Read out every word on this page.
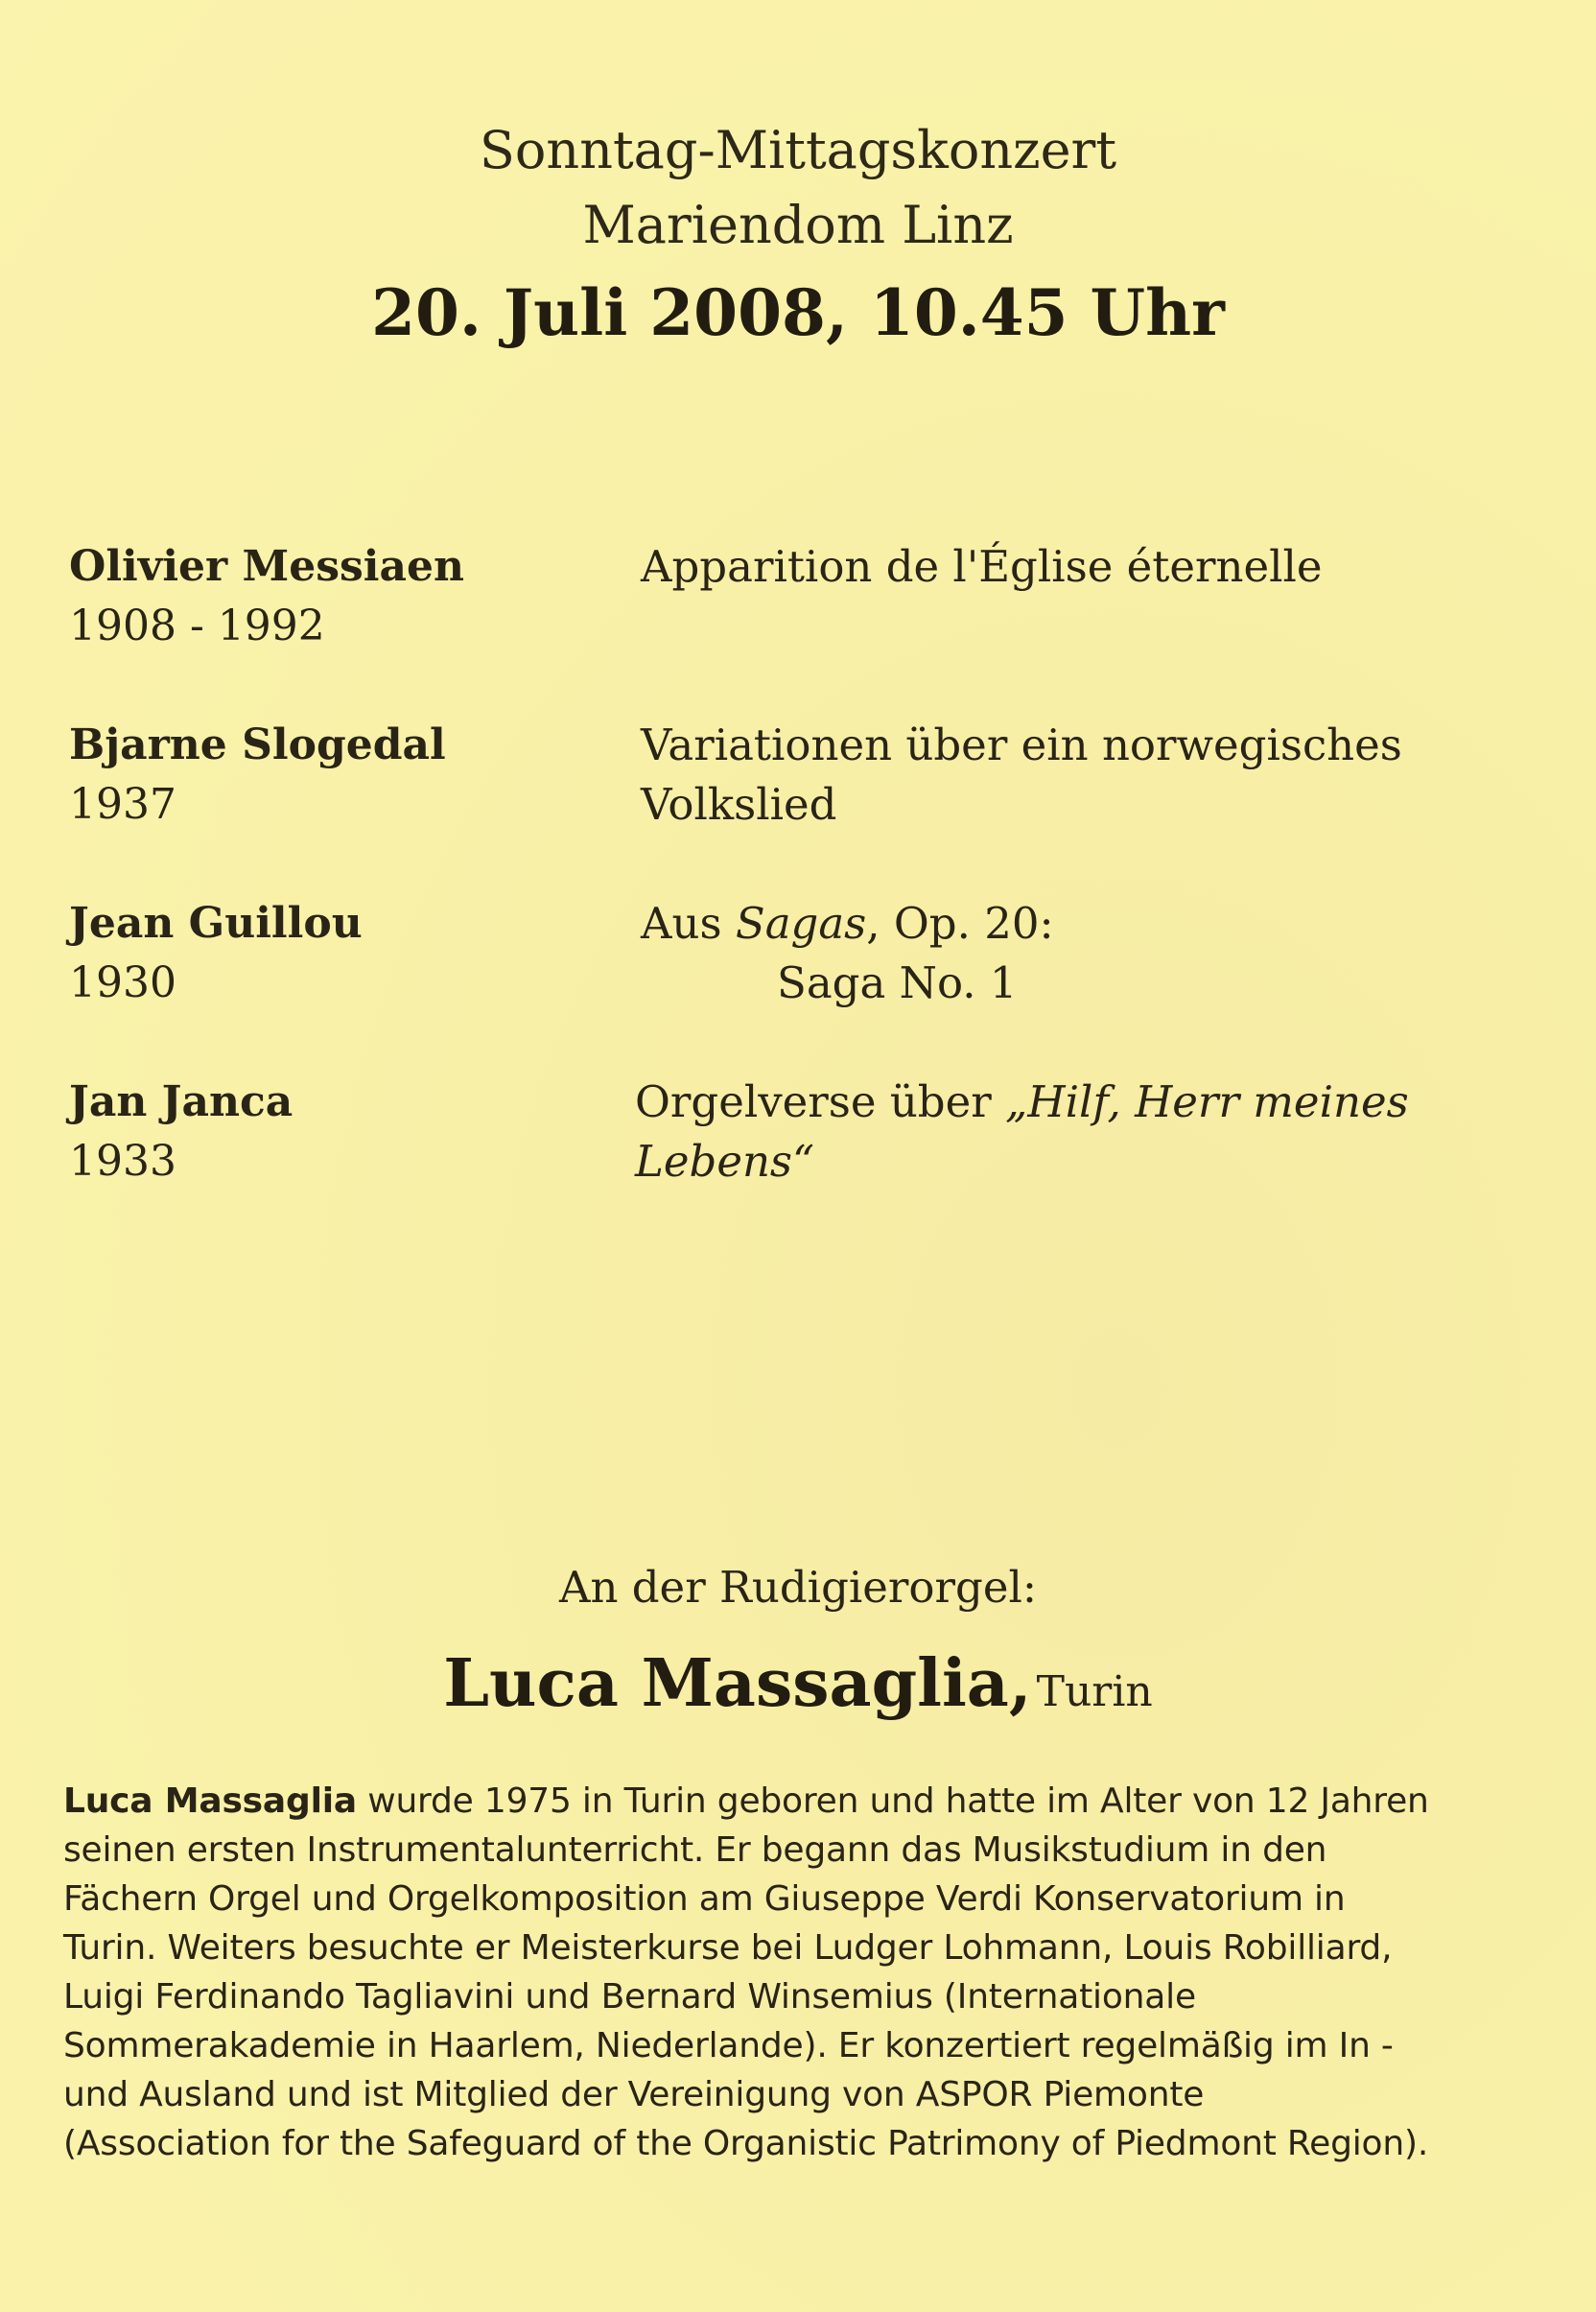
Sonntag-Mittagskonzert
Mariendom Linz
20. Juli 2008, 10.45 Uhr
Olivier Messiaen
1908 - 1992
Apparition de l'Église éternelle
Bjarne Slogedal
1937
Variationen über ein norwegisches
Volkslied
Jean Guillou
1930
Aus Sagas, Op. 20:
Saga No. 1
Jan Janca
1933
Orgelverse über „Hilf, Herr meines Lebens“
An der Rudigierorgel:
Luca Massaglia, Turin
Luca Massaglia wurde 1975 in Turin geboren und hatte im Alter von 12 Jahren
seinen ersten Instrumentalunterricht. Er begann das Musikstudium in den
Fächern Orgel und Orgelkomposition am Giuseppe Verdi Konservatorium in
Turin. Weiters besuchte er Meisterkurse bei Ludger Lohmann, Louis Robilliard,
Luigi Ferdinando Tagliavini und Bernard Winsemius (Internationale
Sommerakademie in Haarlem, Niederlande). Er konzertiert regelmäßig im In -
und Ausland und ist Mitglied der Vereinigung von ASPOR Piemonte
(Association for the Safeguard of the Organistic Patrimony of Piedmont Region).
